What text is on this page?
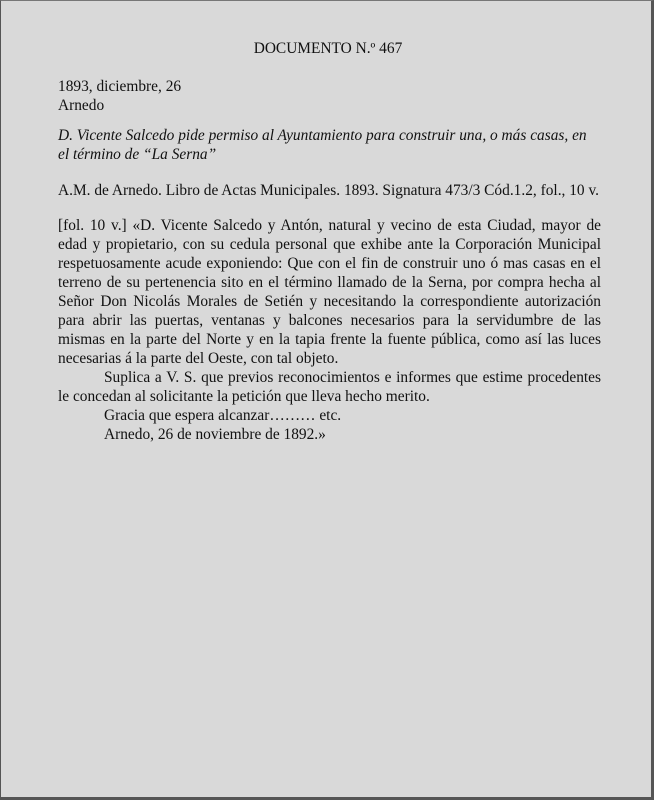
DOCUMENTO N.º 467
1893, diciembre, 26
Arnedo

D. Vicente Salcedo pide permiso al Ayuntamiento para construir una, o más casas, en el término de “La Serna”

A.M. de Arnedo. Libro de Actas Municipales. 1893. Signatura 473/3 Cód.1.2, fol., 10 v.

[fol. 10 v.] «D. Vicente Salcedo y Antón, natural y vecino de esta Ciudad, mayor de edad y propietario, con su cedula personal que exhibe ante la Corporación Municipal respetuosamente acude exponiendo: Que con el fin de construir uno ó mas casas en el terreno de su pertenencia sito en el término llamado de la Serna, por compra hecha al Señor Don Nicolás Morales de Setién y necesitando la correspondiente autorización para abrir las puertas, ventanas y balcones necesarios para la servidumbre de las mismas en la parte del Norte y en la tapia frente la fuente pública, como así las luces necesarias á la parte del Oeste, con tal objeto.

Suplica a V. S. que previos reconocimientos e informes que estime procedentes le concedan al solicitante la petición que lleva hecho merito.

Gracia que espera alcanzar……… etc.

Arnedo, 26 de noviembre de 1892.»
